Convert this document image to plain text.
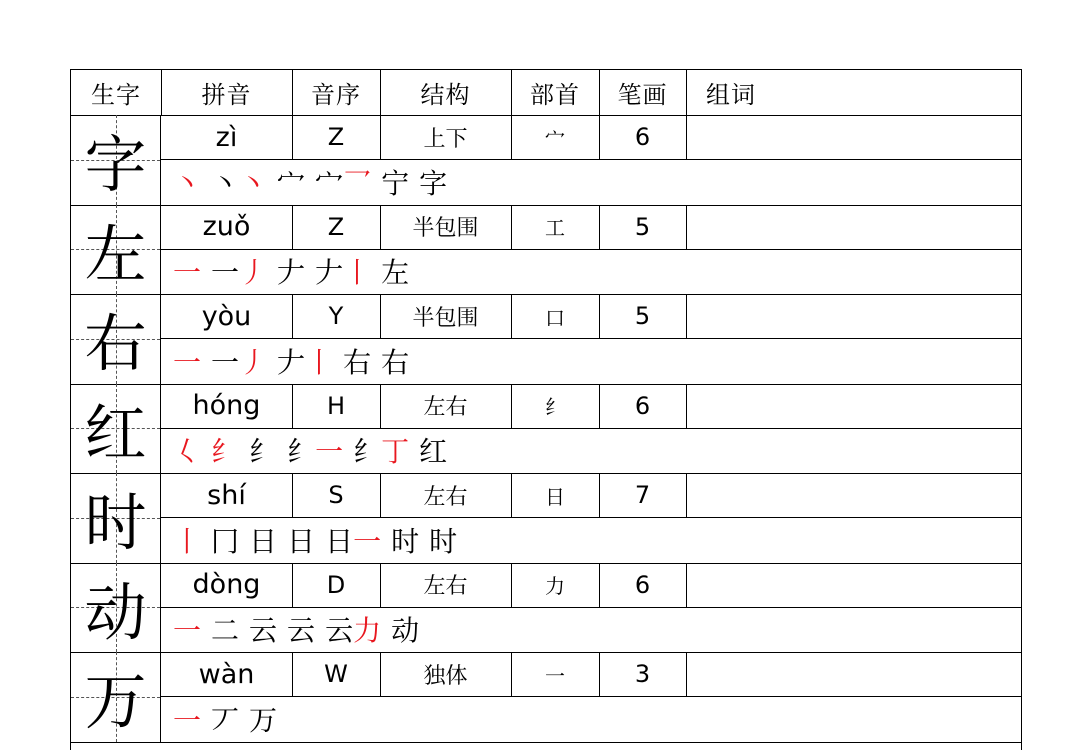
生字	拼音	音序	结构	部首	笔画	组词
字	zì	Z	上下	宀	6
丶 丶丶 宀 宀乛 宁 字
左	zuǒ	Z	半包围	工	5
一 一丿 𠂇 𠂇丨 左
右	yòu	Y	半包围	口	5
一 一丿 𠂇丨 右 右
红	hóng	H	左右	纟	6
𡿨 纟 纟 纟一 纟丁 红
时	shí	S	左右	日	7
丨 冂 日 日 日一 时 时
动	dòng	D	左右	力	6
一 二 云 云 云力 动
万	wàn	W	独体	一	3
一 丆 万
